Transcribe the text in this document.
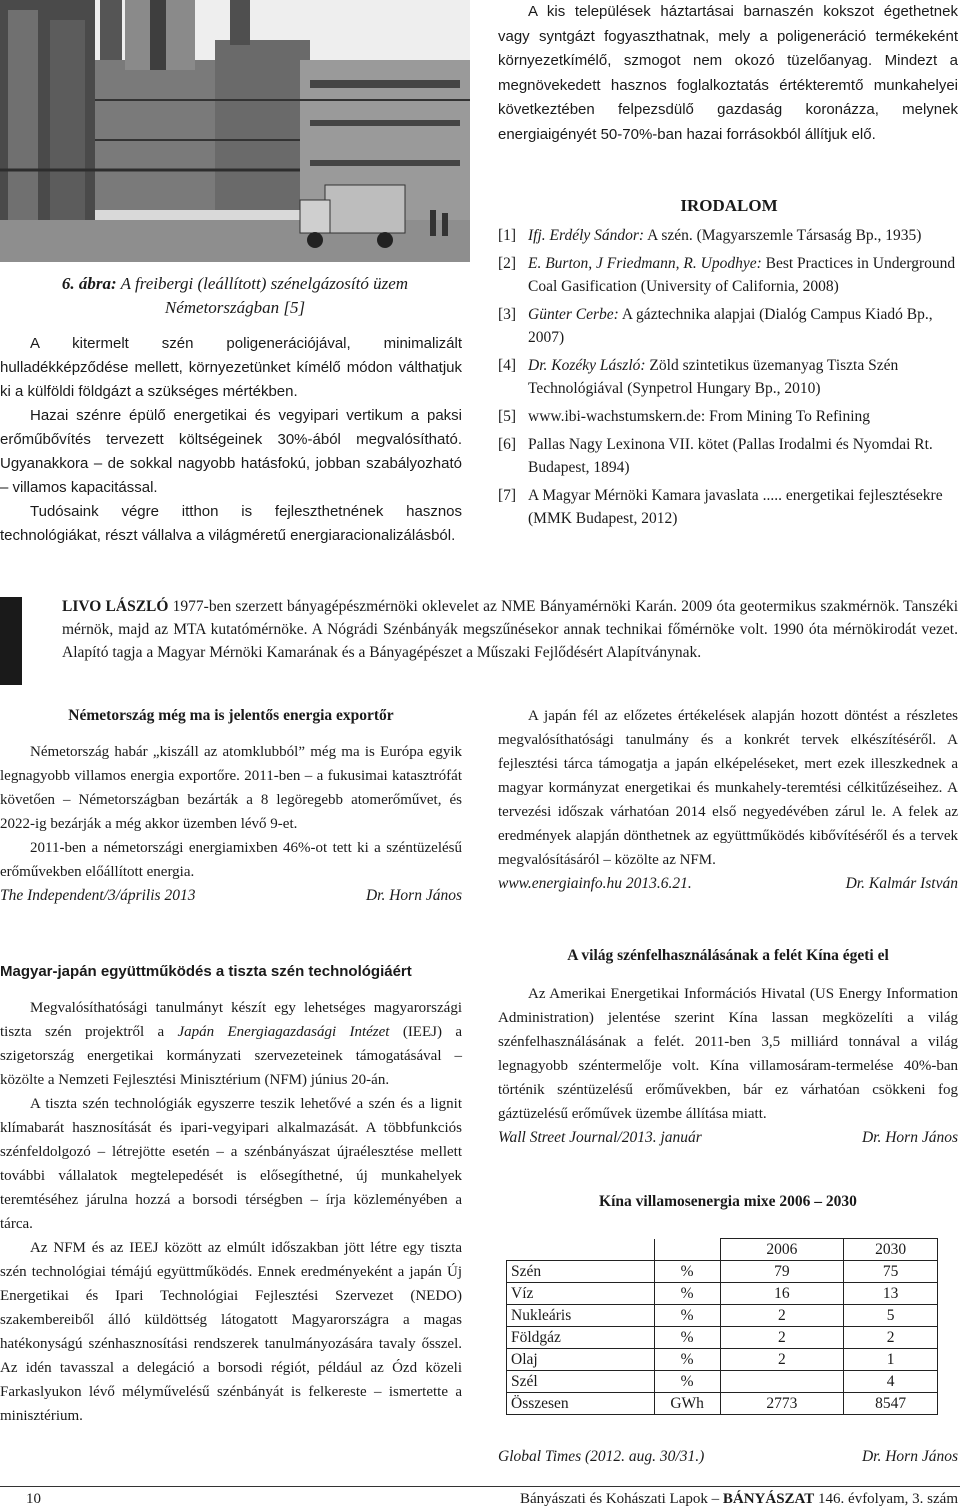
6. ábra: A freibergi (leállított) szénelgázosító üzem
Németországban [5]

A kitermelt szén poligenerációjával, minimalizált hulladékképződése mellett, környezetünket kímélő módon válthatjuk ki a külföldi földgázt a szükséges mértékben.

Hazai szénre épülő energetikai és vegyipari vertikum a paksi erőműbővítés tervezett költségeinek 30%-ából megvalósítható. Ugyanakkora – de sokkal nagyobb hatásfokú, jobban szabályozható – villamos kapacitással.

Tudósaink végre itthon is fejleszthetnének hasznos technológiákat, részt vállalva a világméretű energiaracionalizálásból.

A kis települések háztartásai barnaszén kokszot égethetnek vagy syntgázt fogyaszthatnak, mely a poligeneráció termékeként környezetkímélő, szmogot nem okozó tüzelőanyag. Mindezt a megnövekedett hasznos foglalkoztatás értékteremtő munkahelyei következtében felpezsdülő gazdaság koronázza, melynek energiaigényét 50-70%-ban hazai forrásokból állítjuk elő.

IRODALOM
[1] Ifj. Erdély Sándor: A szén. (Magyarszemle Társaság Bp., 1935)
[2] E. Burton, J Friedmann, R. Upodhye: Best Practices in Underground Coal Gasification (University of California, 2008)
[3] Günter Cerbe: A gáztechnika alapjai (Dialóg Campus Kiadó Bp., 2007)
[4] Dr. Kozéky László: Zöld szintetikus üzemanyag Tiszta Szén Technológiával (Synpetrol Hungary Bp., 2010)
[5] www.ibi-wachstumskern.de: From Mining To Refining
[6] Pallas Nagy Lexinona VII. kötet (Pallas Irodalmi és Nyomdai Rt. Budapest, 1894)
[7] A Magyar Mérnöki Kamara javaslata ..... energetikai fejlesztésekre (MMK Budapest, 2012)
LIVO LÁSZLÓ 1977-ben szerzett bányagépészmérnöki oklevelet az NME Bányamérnöki Karán. 2009 óta geotermikus szakmérnök. Tanszéki mérnök, majd az MTA kutatómérnöke. A Nógrádi Szénbányák megszűnésekor annak technikai főmérnöke volt. 1990 óta mérnökirodát vezet. Alapító tagja a Magyar Mérnöki Kamarának és a Bányagépészet a Műszaki Fejlődésért Alapítványnak.
Németország még ma is jelentős energia exportőr

Németország habár „kiszáll az atomklubból” még ma is Európa egyik legnagyobb villamos energia exportőre. 2011-ben – a fukusimai katasztrófát követően – Németországban bezárták a 8 legöregebb atomerőművet, és 2022-ig bezárják a még akkor üzemben lévő 9-et.

2011-ben a németországi energiamixben 46%-ot tett ki a széntüzelésű erőművekben előállított energia.

The Independent/3/április 2013	Dr. Horn János

A japán fél az előzetes értékelések alapján hozott döntést a részletes megvalósíthatósági tanulmány és a konkrét tervek elkészítéséről. A fejlesztési tárca támogatja a japán elképeléseket, mert ezek illeszkednek a magyar kormányzat energetikai és munkahely-teremtési célkitűzéseihez. A tervezési időszak várhatóan 2014 első negyedévében zárul le. A felek az eredmények alapján dönthetnek az együttműködés kibővítéséről és a tervek megvalósításáról – közölte az NFM.

www.energiainfo.hu 2013.6.21.	Dr. Kalmár István
Magyar-japán együttműködés a tiszta szén technológiáért

Megvalósíthatósági tanulmányt készít egy lehetséges magyarországi tiszta szén projektről a Japán Energiagazdasági Intézet (IEEJ) a szigetország energetikai kormányzati szervezeteinek támogatásával – közölte a Nemzeti Fejlesztési Minisztérium (NFM) június 20-án.

A tiszta szén technológiák egyszerre teszik lehetővé a szén és a lignit klímabarát hasznosítását és ipari-vegyipari alkalmazását. A többfunkciós szénfeldolgozó – létrejötte esetén – a szénbányászat újraélesztése mellett további vállalatok megtelepedését is elősegíthetné, új munkahelyek teremtéséhez járulna hozzá a borsodi térségben – írja közleményében a tárca.

Az NFM és az IEEJ között az elmúlt időszakban jött létre egy tiszta szén technológiai témájú együttműködés. Ennek eredményeként a japán Új Energetikai és Ipari Technológiai Fejlesztési Szervezet (NEDO) szakembereiből álló küldöttség látogatott Magyarországra a magas hatékonyságú szénhasznosítási rendszerek tanulmányozására tavaly ősszel. Az idén tavasszal a delegáció a borsodi régiót, például az Ózd közeli Farkaslyukon lévő mélyművelésű szénbányát is felkereste – ismertette a minisztérium.

A világ szénfelhasználásának a felét Kína égeti el

Az Amerikai Energetikai Információs Hivatal (US Energy Information Administration) jelentése szerint Kína lassan megközelíti a világ szénfelhasználásának a felét. 2011-ben 3,5 milliárd tonnával a világ legnagyobb széntermelője volt. Kína villamosáram-termelése 40%-ban történik széntüzelésű erőművekben, bár ez várhatóan csökkeni fog gáztüzelésű erőművek üzembe állítása miatt.

Wall Street Journal/2013. január	Dr. Horn János
Kína villamosenergia mixe 2006 – 2030
		2006	2030
Szén	%	79	75
Víz	%	16	13
Nukleáris	%	2	5
Földgáz	%	2	2
Olaj	%	2	1
Szél	%		4
Összesen	GWh	2773	8547
Global Times (2012. aug. 30/31.)	Dr. Horn János
10	Bányászati és Kohászati Lapok – BÁNYÁSZAT 146. évfolyam, 3. szám
